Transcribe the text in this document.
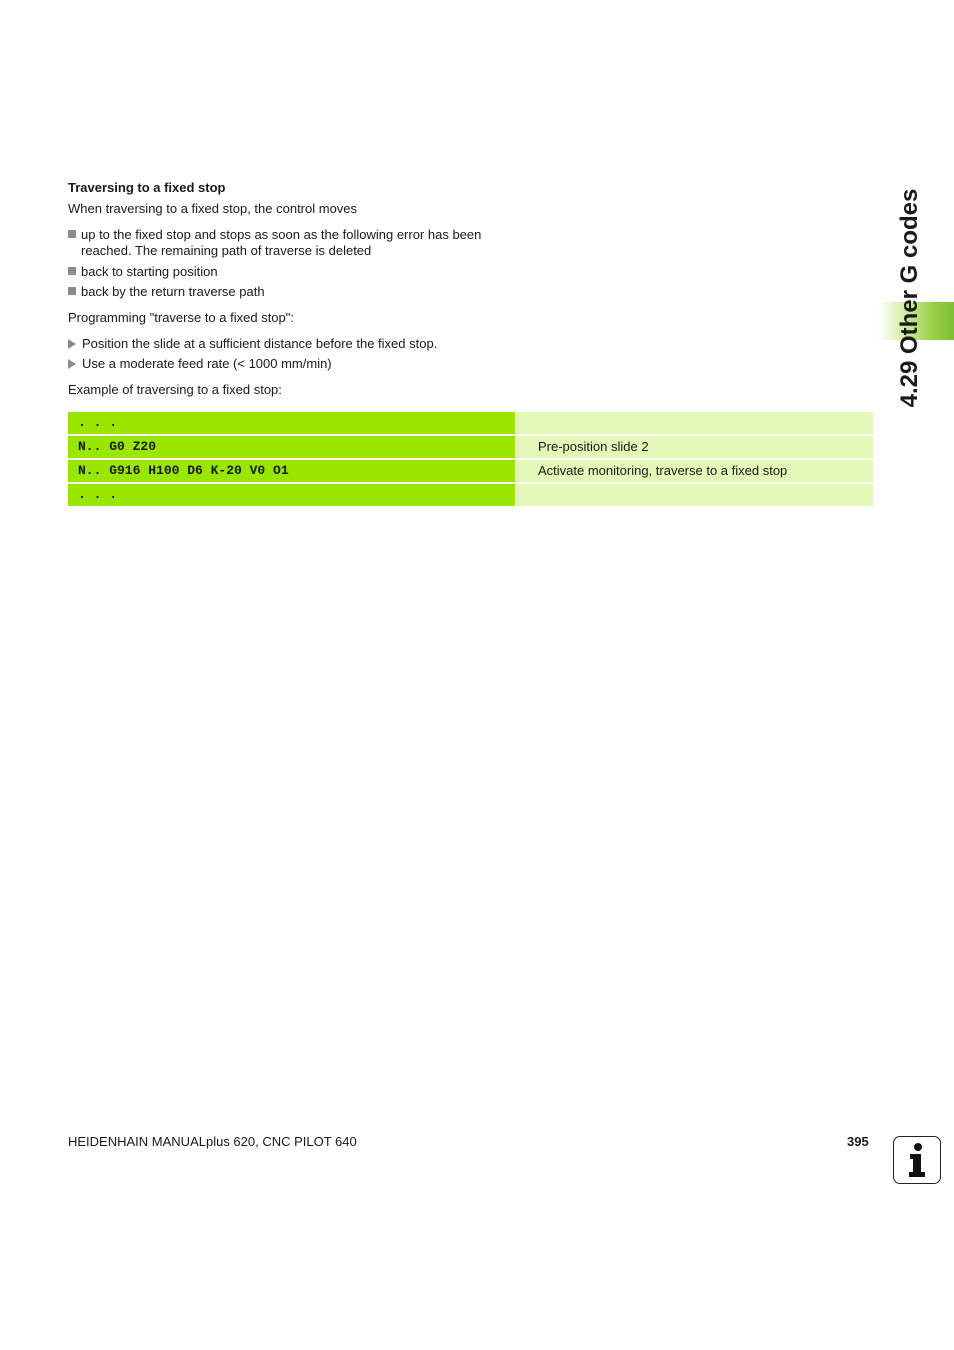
4.29 Other G codes
Traversing to a fixed stop
When traversing to a fixed stop, the control moves
up to the fixed stop and stops as soon as the following error has been reached. The remaining path of traverse is deleted
back to starting position
back by the return traverse path
Programming "traverse to a fixed stop":
Position the slide at a sufficient distance before the fixed stop.
Use a moderate feed rate (< 1000 mm/min)
Example of traversing to a fixed stop:
. . .
N.. G0 Z20	Pre-position slide 2
N.. G916 H100 D6 K-20 V0 O1	Activate monitoring, traverse to a fixed stop
. . .
HEIDENHAIN MANUALplus 620, CNC PILOT 640	395
